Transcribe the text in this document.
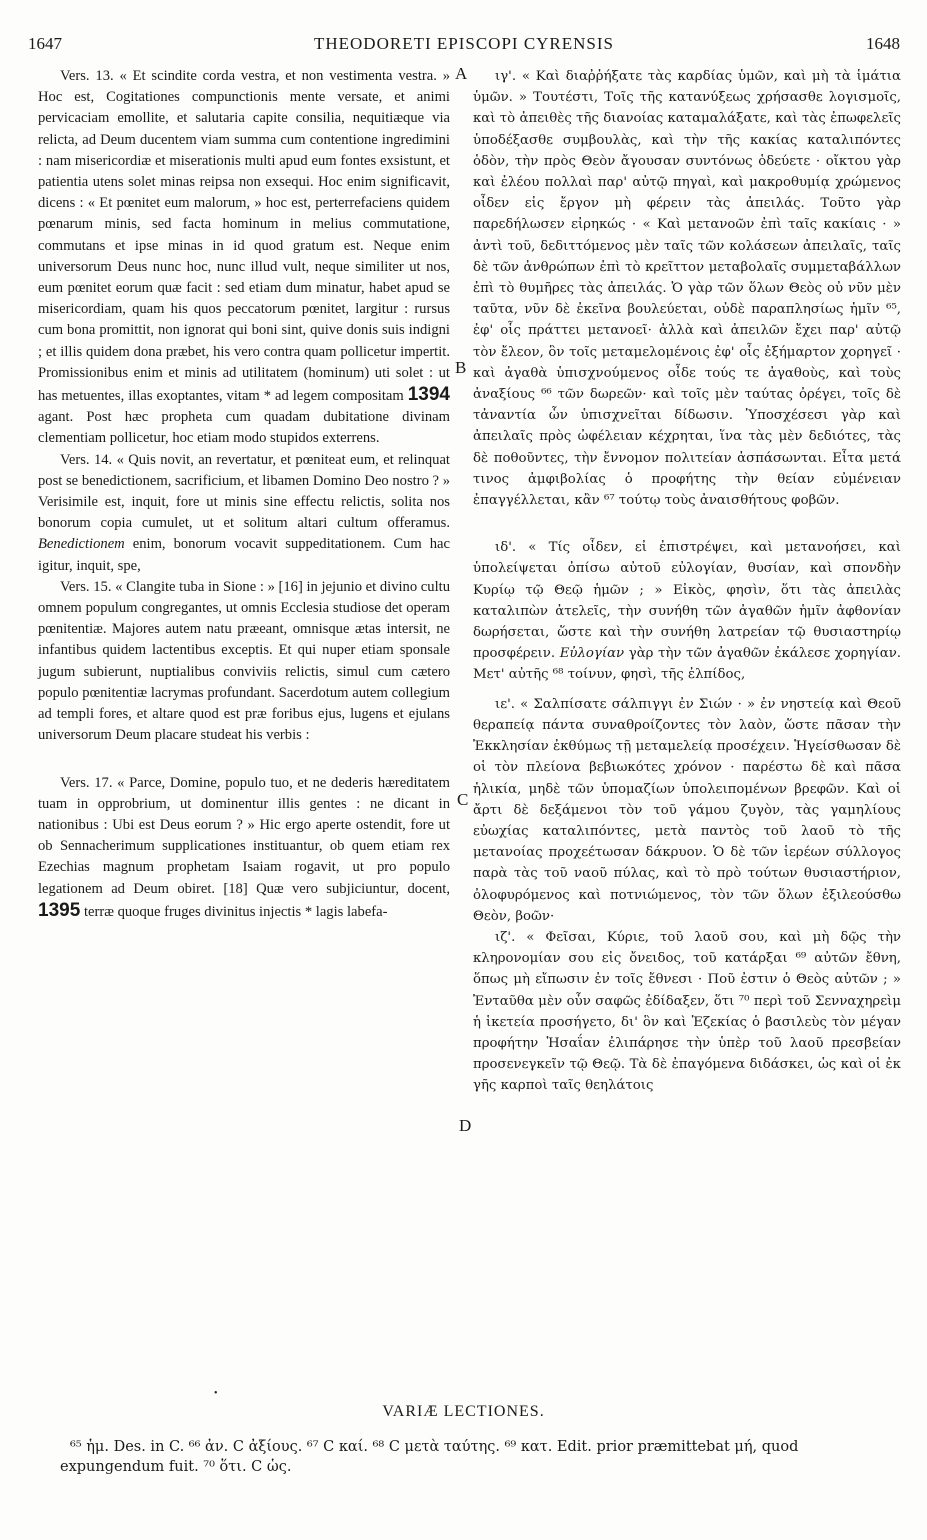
1647	THEODORETI EPISCOPI CYRENSIS	1648

Vers. 13. « Et scindite corda vestra, et non vestimenta vestra. » Hoc est, Cogitationes compunctionis mente versate, et animi pervicaciam emollite, et salutaria capite consilia, nequitiæque via relicta, ad Deum ducentem viam summa cum contentione ingredimini : nam misericordiæ et miserationis multi apud eum fontes exsistunt, et patientia utens solet minas reipsa non exsequi. Hoc enim significavit, dicens : « Et pœnitet eum malorum, » hoc est, perterrefaciens quidem pœnarum minis, sed facta hominum in melius commutatione, commutans et ipse minas in id quod gratum est. Neque enim universorum Deus nunc hoc, nunc illud vult, neque similiter ut nos, eum pœnitet eorum quæ facit : sed etiam dum minatur, habet apud se misericordiam, quam his quos peccatorum pœnitet, largitur : rursus cum bona promittit, non ignorat qui boni sint, quive donis suis indigni ; et illis quidem dona præbet, his vero contra quam pollicetur impertit. Promissionibus enim et minis ad utilitatem (hominum) uti solet : ut has metuentes, illas exoptantes, vitam * ad legem compositam 1394 agant. Post hæc propheta cum quadam dubitatione divinam clementiam pollicetur, hoc etiam modo stupidos exterrens.

Vers. 14. « Quis novit, an revertatur, et pœniteat eum, et relinquat post se benedictionem, sacrificium, et libamen Domino Deo nostro ? » Verisimile est, inquit, fore ut minis sine effectu relictis, solita nos bonorum copia cumulet, ut et solitum altari cultum offeramus. Benedictionem enim, bonorum vocavit suppeditationem. Cum hac igitur, inquit, spe,

Vers. 15. « Clangite tuba in Sione : » [16] in jejunio et divino cultu omnem populum congregantes, ut omnis Ecclesia studiose det operam pœnitentiæ. Majores autem natu præeant, omnisque ætas intersit, ne infantibus quidem lactentibus exceptis. Et qui nuper etiam sponsale jugum subierunt, nuptialibus conviviis relictis, simul cum cætero populo pœnitentiæ lacrymas profundant. Sacerdotum autem collegium ad templi fores, et altare quod est præ foribus ejus, lugens et ejulans universorum Deum placare studeat his verbis :

Vers. 17. « Parce, Domine, populo tuo, et ne dederis hæreditatem tuam in opprobrium, ut dominentur illis gentes : ne dicant in nationibus : Ubi est Deus eorum ? » Hic ergo aperte ostendit, fore ut ob Sennacherimum supplicationes instituantur, ob quem etiam rex Ezechias magnum prophetam Isaiam rogavit, ut pro populo legationem ad Deum obiret. [18] Quæ vero subjiciuntur, docent, 1395 terræ quoque fruges divinitus injectis * lagis labefa-

A
B
C
D

ιγ'. « Καὶ διαῤῥήξατε τὰς καρδίας ὑμῶν, καὶ μὴ τὰ ἱμάτια ὑμῶν. » Τουτέστι, Τοῖς τῆς κατανύξεως χρήσασθε λογισμοῖς, καὶ τὸ ἀπειθὲς τῆς διανοίας καταμαλάξατε, καὶ τὰς ἐπωφελεῖς ὑποδέξασθε συμβουλὰς, καὶ τὴν τῆς κακίας καταλιπόντες ὁδὸν, τὴν πρὸς Θεὸν ἄγουσαν συντόνως ὁδεύετε · οἴκτου γὰρ καὶ ἐλέου πολλαὶ παρ' αὐτῷ πηγαὶ, καὶ μακροθυμίᾳ χρώμενος οἶδεν εἰς ἔργον μὴ φέρειν τὰς ἀπειλάς. Τοῦτο γὰρ παρεδήλωσεν εἰρηκώς · « Καὶ μετανοῶν ἐπὶ ταῖς κακίαις · » ἀντὶ τοῦ, δεδιττόμενος μὲν ταῖς τῶν κολάσεων ἀπειλαῖς, ταῖς δὲ τῶν ἀνθρώπων ἐπὶ τὸ κρεῖττον μεταβολαῖς συμμεταβάλλων ἐπὶ τὸ θυμῆρες τὰς ἀπειλάς. Ὁ γὰρ τῶν ὅλων Θεὸς οὐ νῦν μὲν ταῦτα, νῦν δὲ ἐκεῖνα βουλεύεται, οὐδὲ παραπλησίως ἡμῖν ⁶⁵, ἐφ' οἷς πράττει μετανοεῖ· ἀλλὰ καὶ ἀπειλῶν ἔχει παρ' αὐτῷ τὸν ἔλεον, ὃν τοῖς μεταμελομένοις ἐφ' οἷς ἐξήμαρτον χορηγεῖ · καὶ ἀγαθὰ ὑπισχνούμενος οἶδε τούς τε ἀγαθοὺς, καὶ τοὺς ἀναξίους ⁶⁶ τῶν δωρεῶν· καὶ τοῖς μὲν ταύτας ὀρέγει, τοῖς δὲ τἀναντία ὧν ὑπισχνεῖται δίδωσιν. Ὑποσχέσεσι γὰρ καὶ ἀπειλαῖς πρὸς ὠφέλειαν κέχρηται, ἵνα τὰς μὲν δεδιότες, τὰς δὲ ποθοῦντες, τὴν ἔννομον πολιτείαν ἀσπάσωνται. Εἶτα μετά τινος ἀμφιβολίας ὁ προφήτης τὴν θείαν εὐμένειαν ἐπαγγέλλεται, κἂν ⁶⁷ τούτῳ τοὺς ἀναισθήτους φοβῶν.

ιδ'. « Τίς οἶδεν, εἰ ἐπιστρέψει, καὶ μετανοήσει, καὶ ὑπολείψεται ὀπίσω αὐτοῦ εὐλογίαν, θυσίαν, καὶ σπονδὴν Κυρίῳ τῷ Θεῷ ἡμῶν ; » Εἰκὸς, φησὶν, ὅτι τὰς ἀπειλὰς καταλιπὼν ἀτελεῖς, τὴν συνήθη τῶν ἀγαθῶν ἡμῖν ἀφθονίαν δωρήσεται, ὥστε καὶ τὴν συνήθη λατρείαν τῷ θυσιαστηρίῳ προσφέρειν. Εὐλογίαν γὰρ τὴν τῶν ἀγαθῶν ἐκάλεσε χορηγίαν. Μετ' αὐτῆς ⁶⁸ τοίνυν, φησὶ, τῆς ἐλπίδος,

ιε'. « Σαλπίσατε σάλπιγγι ἐν Σιών · » ἐν νηστείᾳ καὶ Θεοῦ θεραπείᾳ πάντα συναθροίζοντες τὸν λαὸν, ὥστε πᾶσαν τὴν Ἐκκλησίαν ἐκθύμως τῇ μεταμελείᾳ προσέχειν. Ἡγείσθωσαν δὲ οἱ τὸν πλείονα βεβιωκότες χρόνον · παρέστω δὲ καὶ πᾶσα ἡλικία, μηδὲ τῶν ὑπομαζίων ὑπολειπομένων βρεφῶν. Καὶ οἱ ἄρτι δὲ δεξάμενοι τὸν τοῦ γάμου ζυγὸν, τὰς γαμηλίους εὐωχίας καταλιπόντες, μετὰ παντὸς τοῦ λαοῦ τὸ τῆς μετανοίας προχεέτωσαν δάκρυον. Ὁ δὲ τῶν ἱερέων σύλλογος παρὰ τὰς τοῦ ναοῦ πύλας, καὶ τὸ πρὸ τούτων θυσιαστήριον, ὀλοφυρόμενος καὶ ποτνιώμενος, τὸν τῶν ὅλων ἐξιλεούσθω Θεὸν, βοῶν·

ιζ'. « Φεῖσαι, Κύριε, τοῦ λαοῦ σου, καὶ μὴ δῷς τὴν κληρονομίαν σου εἰς ὄνειδος, τοῦ κατάρξαι ⁶⁹ αὐτῶν ἔθνη, ὅπως μὴ εἴπωσιν ἐν τοῖς ἔθνεσι · Ποῦ ἐστιν ὁ Θεὸς αὐτῶν ; » Ἐνταῦθα μὲν οὖν σαφῶς ἐδίδαξεν, ὅτι ⁷⁰ περὶ τοῦ Σενναχηρεὶμ ἡ ἱκετεία προσήγετο, δι' ὃν καὶ Ἐζεκίας ὁ βασιλεὺς τὸν μέγαν προφήτην Ἡσαΐαν ἐλιπάρησε τὴν ὑπὲρ τοῦ λαοῦ πρεσβείαν προσενεγκεῖν τῷ Θεῷ. Τὰ δὲ ἐπαγόμενα διδάσκει, ὡς καὶ οἱ ἐκ γῆς καρποὶ ταῖς θεηλάτοις

•
VARIÆ LECTIONES.
⁶⁵ ἡμ. Des. in C. ⁶⁶ ἀν. C ἀξίους. ⁶⁷ C καί. ⁶⁸ C μετὰ ταύτης. ⁶⁹ κατ. Edit. prior præmittebat μή, quod expungendum fuit. ⁷⁰ ὅτι. C ὡς.
